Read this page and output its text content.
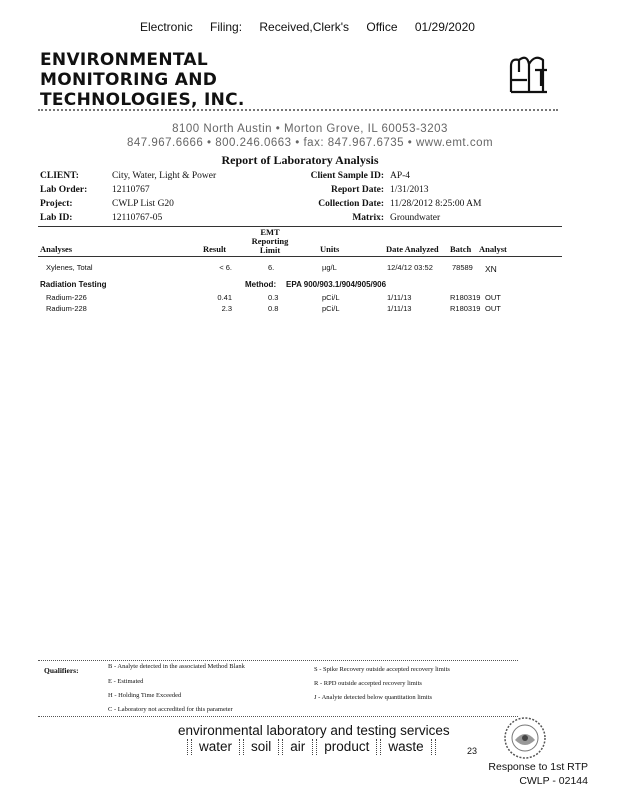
Electronic Filing: Received,Clerk's Office 01/29/2020
ENVIRONMENTAL
MONITORING AND
TECHNOLOGIES, INC.
8100 North Austin • Morton Grove, IL 60053-3203
847.967.6666 • 800.246.0663 • fax: 847.967.6735 • www.emt.com
Report of Laboratory Analysis
CLIENT:	City, Water, Light & Power
Lab Order:	12110767
Project:	CWLP List G20
Lab ID:	12110767-05
Client Sample ID: AP-4
Report Date: 1/31/2013
Collection Date: 11/28/2012 8:25:00 AM
Matrix: Groundwater
Analyses	Result
EMT
Reporting
Limit	Units	Date Analyzed Batch Analyst
Xylenes, Total	< 6.	6.	µg/L	12/4/12 03:52	78589 XN
Radiation Testing	Method: EPA 900/903.1/904/905/906
Radium-226	0.41	0.3	pCi/L	1/11/13	R180319 OUT
Radium-228	2.3	0.8	pCi/L	1/11/13	R180319 OUT
Qualifiers:	B - Analyte detected in the associated Method Blank
E - Estimated
H - Holding Time Exceeded
C - Laboratory not accredited for this parameter
S - Spike Recovery outside accepted recovery limits
R - RPD outside accepted recovery limits
J - Analyte detected below quantitation limits
environmental laboratory and testing services
water soil air product waste	23
Response to 1st RTP
CWLP - 02144
